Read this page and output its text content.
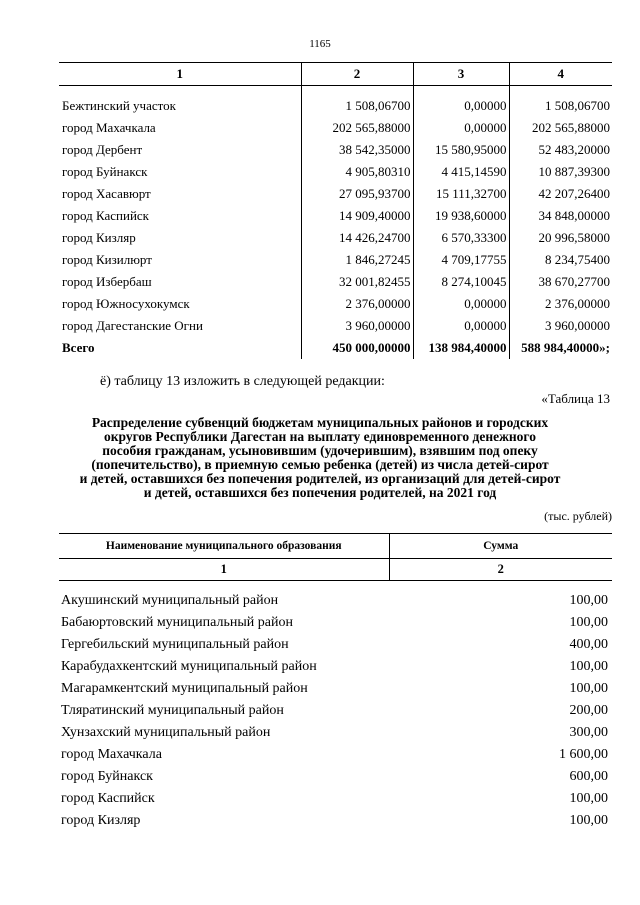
1165
1	2	3	4

Бежтинский участок	1 508,06700	0,00000	1 508,06700
город Махачкала	202 565,88000	0,00000	202 565,88000
город Дербент	38 542,35000	15 580,95000	52 483,20000
город Буйнакск	4 905,80310	4 415,14590	10 887,39300
город Хасавюрт	27 095,93700	15 111,32700	42 207,26400
город Каспийск	14 909,40000	19 938,60000	34 848,00000
город Кизляр	14 426,24700	6 570,33300	20 996,58000
город Кизилюрт	1 846,27245	4 709,17755	8 234,75400
город Избербаш	32 001,82455	8 274,10045	38 670,27700
город Южносухокумск	2 376,00000	0,00000	2 376,00000
город Дагестанские Огни	3 960,00000	0,00000	3 960,00000
Всего	450 000,00000	138 984,40000	588 984,40000»;
ё) таблицу 13 изложить в следующей редакции:
«Таблица 13
Распределение субвенций бюджетам муниципальных районов и городских
округов Республики Дагестан на выплату единовременного денежного
пособия гражданам, усыновившим (удочерившим), взявшим под опеку
(попечительство), в приемную семью ребенка (детей) из числа детей-сирот
и детей, оставшихся без попечения родителей, из организаций для детей-сирот
и детей, оставшихся без попечения родителей, на 2021 год
(тыс. рублей)
Наименование муниципального образования	Сумма
1	2

Акушинский муниципальный район	100,00
Бабаюртовский муниципальный район	100,00
Гергебильский муниципальный район	400,00
Карабудахкентский муниципальный район	100,00
Магарамкентский муниципальный район	100,00
Тляратинский муниципальный район	200,00
Хунзахский муниципальный район	300,00
город Махачкала	1 600,00
город Буйнакск	600,00
город Каспийск	100,00
город Кизляр	100,00
